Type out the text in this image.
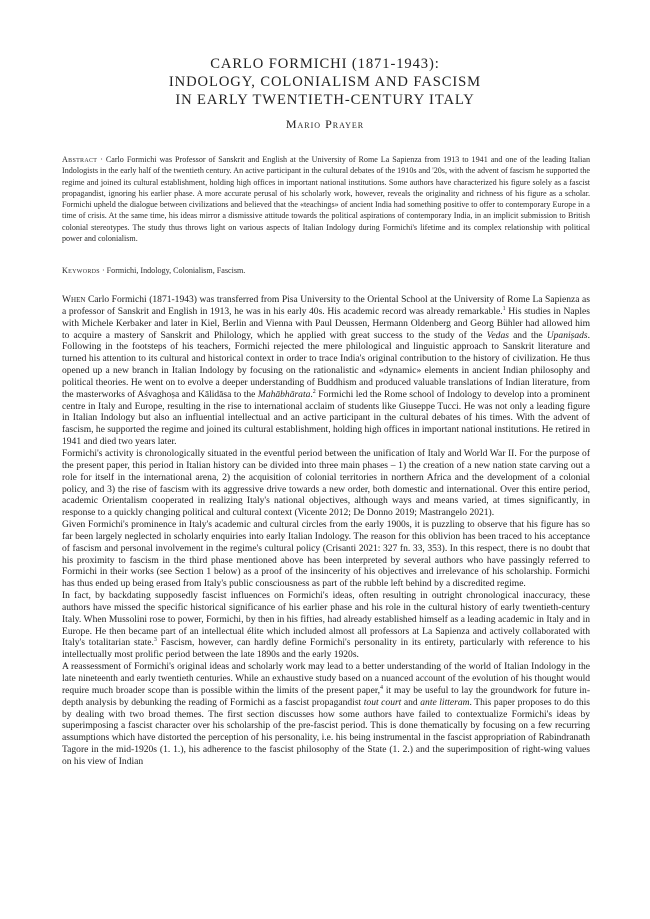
CARLO FORMICHI (1871-1943):
INDOLOGY, COLONIALISM AND FASCISM
IN EARLY TWENTIETH-CENTURY ITALY
Mario Prayer

Abstract · Carlo Formichi was Professor of Sanskrit and English at the University of Rome La Sapienza from 1913 to 1941 and one of the leading Italian Indologists in the early half of the twentieth century. An active participant in the cultural debates of the 1910s and '20s, with the advent of fascism he supported the regime and joined its cultural establishment, holding high offices in important national institutions. Some authors have characterized his figure solely as a fascist propagandist, ignoring his earlier phase. A more accurate perusal of his scholarly work, however, reveals the originality and richness of his figure as a scholar. Formichi upheld the dialogue between civilizations and believed that the «teachings» of ancient India had something positive to offer to contemporary Europe in a time of crisis. At the same time, his ideas mirror a dismissive attitude towards the political aspirations of contemporary India, in an implicit submission to British colonial stereotypes. The study thus throws light on various aspects of Italian Indology during Formichi's lifetime and its complex relationship with political power and colonialism.

Keywords · Formichi, Indology, Colonialism, Fascism.

When Carlo Formichi (1871-1943) was transferred from Pisa University to the Oriental School at the University of Rome La Sapienza as a professor of Sanskrit and English in 1913, he was in his early 40s. His academic record was already remarkable.$^1$ His studies in Naples with Michele Kerbaker and later in Kiel, Berlin and Vienna with Paul Deussen, Hermann Oldenberg and Georg Bühler had allowed him to acquire a mastery of Sanskrit and Philology, which he applied with great success to the study of the Vedas and the Upaniṣads. Following in the footsteps of his teachers, Formichi rejected the mere philological and linguistic approach to Sanskrit literature and turned his attention to its cultural and historical context in order to trace India's original contribution to the history of civilization. He thus opened up a new branch in Italian Indology by focusing on the rationalistic and «dynamic» elements in ancient Indian philosophy and political theories. He went on to evolve a deeper understanding of Buddhism and produced valuable translations of Indian literature, from the masterworks of Aśvaghoṣa and Kālidāsa to the Mahābhārata.$^2$ Formichi led the Rome school of Indology to develop into a prominent centre in Italy and Europe, resulting in the rise to international acclaim of students like Giuseppe Tucci. He was not only a leading figure in Italian Indology but also an influential intellectual and an active participant in the cultural debates of his times. With the advent of fascism, he supported the regime and joined its cultural establishment, holding high offices in important national institutions. He retired in 1941 and died two years later.

Formichi's activity is chronologically situated in the eventful period between the unification of Italy and World War II. For the purpose of the present paper, this period in Italian history can be divided into three main phases – 1) the creation of a new nation state carving out a role for itself in the international arena, 2) the acquisition of colonial territories in northern Africa and the development of a colonial policy, and 3) the rise of fascism with its aggressive drive towards a new order, both domestic and international. Over this entire period, academic Orientalism cooperated in realizing Italy's national objectives, although ways and means varied, at times significantly, in response to a quickly changing political and cultural context (Vicente 2012; De Donno 2019; Mastrangelo 2021).

Given Formichi's prominence in Italy's academic and cultural circles from the early 1900s, it is puzzling to observe that his figure has so far been largely neglected in scholarly enquiries into early Italian Indology. The reason for this oblivion has been traced to his acceptance of fascism and personal involvement in the regime's cultural policy (Crisanti 2021: 327 fn. 33, 353). In this respect, there is no doubt that his proximity to fascism in the third phase mentioned above has been interpreted by several authors who have passingly referred to Formichi in their works (see Section 1 below) as a proof of the insincerity of his objectives and irrelevance of his scholarship. Formichi has thus ended up being erased from Italy's public consciousness as part of the rubble left behind by a discredited regime.

In fact, by backdating supposedly fascist influences on Formichi's ideas, often resulting in outright chronological inaccuracy, these authors have missed the specific historical significance of his earlier phase and his role in the cultural history of early twentieth-century Italy. When Mussolini rose to power, Formichi, by then in his fifties, had already established himself as a leading academic in Italy and in Europe. He then became part of an intellectual élite which included almost all professors at La Sapienza and actively collaborated with Italy's totalitarian state.$^3$ Fascism, however, can hardly define Formichi's personality in its entirety, particularly with reference to his intellectually most prolific period between the late 1890s and the early 1920s.

A reassessment of Formichi's original ideas and scholarly work may lead to a better understanding of the world of Italian Indology in the late nineteenth and early twentieth centuries. While an exhaustive study based on a nuanced account of the evolution of his thought would require much broader scope than is possible within the limits of the present paper,$^4$ it may be useful to lay the groundwork for future in-depth analysis by debunking the reading of Formichi as a fascist propagandist tout court and ante litteram. This paper proposes to do this by dealing with two broad themes. The first section discusses how some authors have failed to contextualize Formichi's ideas by superimposing a fascist character over his scholarship of the pre-fascist period. This is done thematically by focusing on a few recurring assumptions which have distorted the perception of his personality, i.e. his being instrumental in the fascist appropriation of Rabindranath Tagore in the mid-1920s (1. 1.), his adherence to the fascist philosophy of the State (1. 2.) and the superimposition of right-wing values on his view of Indian
